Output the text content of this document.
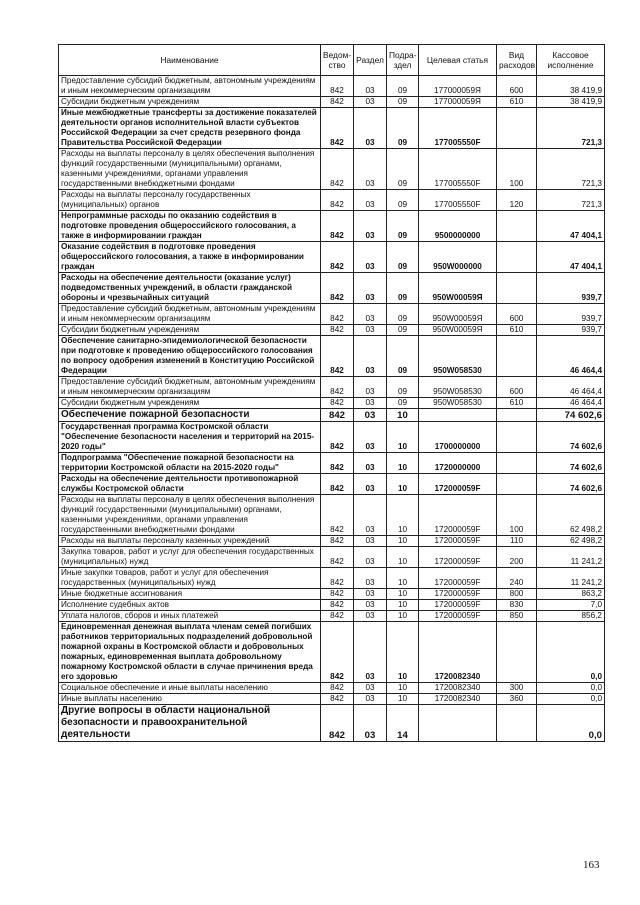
Наименование	Ведом-ство	Раздел	Подра-здел	Целевая статья	Вид расходов	Кассовое исполнение
Предоставление субсидий бюджетным, автономным учреждениям и иным некоммерческим организациям	842	03	09	177000059Я	600	38 419,9
Субсидии бюджетным учреждениям	842	03	09	177000059Я	610	38 419,9
Иные межбюджетные трансферты за достижение показателей деятельности органов исполнительной власти субъектов Российской Федерации за счет средств резервного фонда Правительства Российской Федерации	842	03	09	177005550F		721,3
Расходы на выплаты персоналу в целях обеспечения выполнения функций государственными (муниципальными) органами, казенными учреждениями, органами управления государственными внебюджетными фондами	842	03	09	177005550F	100	721,3
Расходы на выплаты персоналу государственных (муниципальных) органов	842	03	09	177005550F	120	721,3
Непрограммные расходы по оказанию содействия в подготовке проведения общероссийского голосования, а также в информировании граждан	842	03	09	9500000000		47 404,1
Оказание содействия в подготовке проведения общероссийского голосования, а также в информировании граждан	842	03	09	950W000000		47 404,1
Расходы на обеспечение деятельности (оказание услуг) подведомственных учреждений, в области гражданской обороны и чрезвычайных ситуаций	842	03	09	950W00059Я		939,7
Предоставление субсидий бюджетным, автономным учреждениям и иным некоммерческим организациям	842	03	09	950W00059Я	600	939,7
Субсидии бюджетным учреждениям	842	03	09	950W00059Я	610	939,7
Обеспечение санитарно-эпидемиологической безопасности при подготовке к проведению общероссийского голосования по вопросу одобрения изменений в Конституцию Российской Федерации	842	03	09	950W058530		46 464,4
Предоставление субсидий бюджетным, автономным учреждениям и иным некоммерческим организациям	842	03	09	950W058530	600	46 464,4
Субсидии бюджетным учреждениям	842	03	09	950W058530	610	46 464,4
Обеспечение пожарной безопасности	842	03	10			74 602,6
Государственная программа Костромской области "Обеспечение безопасности населения и территорий на 2015-2020 годы"	842	03	10	1700000000		74 602,6
Подпрограмма "Обеспечение пожарной безопасности на территории Костромской области на 2015-2020 годы"	842	03	10	1720000000		74 602,6
Расходы на обеспечение деятельности противопожарной службы Костромской области	842	03	10	172000059F		74 602,6
Расходы на выплаты персоналу в целях обеспечения выполнения функций государственными (муниципальными) органами, казенными учреждениями, органами управления государственными внебюджетными фондами	842	03	10	172000059F	100	62 498,2
Расходы на выплаты персоналу казенных учреждений	842	03	10	172000059F	110	62 498,2
Закупка товаров, работ и услуг для обеспечения государственных (муниципальных) нужд	842	03	10	172000059F	200	11 241,2
Иные закупки товаров, работ и услуг для обеспечения государственных (муниципальных) нужд	842	03	10	172000059F	240	11 241,2
Иные бюджетные ассигнования	842	03	10	172000059F	800	863,2
Исполнение судебных актов	842	03	10	172000059F	830	7,0
Уплата налогов, сборов и иных платежей	842	03	10	172000059F	850	856,2
Единовременная денежная выплата членам семей погибших работников территориальных подразделений добровольной пожарной охраны в Костромской области и добровольных пожарных, единовременная выплата добровольному пожарному Костромской области в случае причинения вреда его здоровью	842	03	10	1720082340		0,0
Социальное обеспечение и иные выплаты населению	842	03	10	1720082340	300	0,0
Иные выплаты населению	842	03	10	1720082340	360	0,0
Другие вопросы в области национальной безопасности и правоохранительной деятельности	842	03	14			0,0
163
